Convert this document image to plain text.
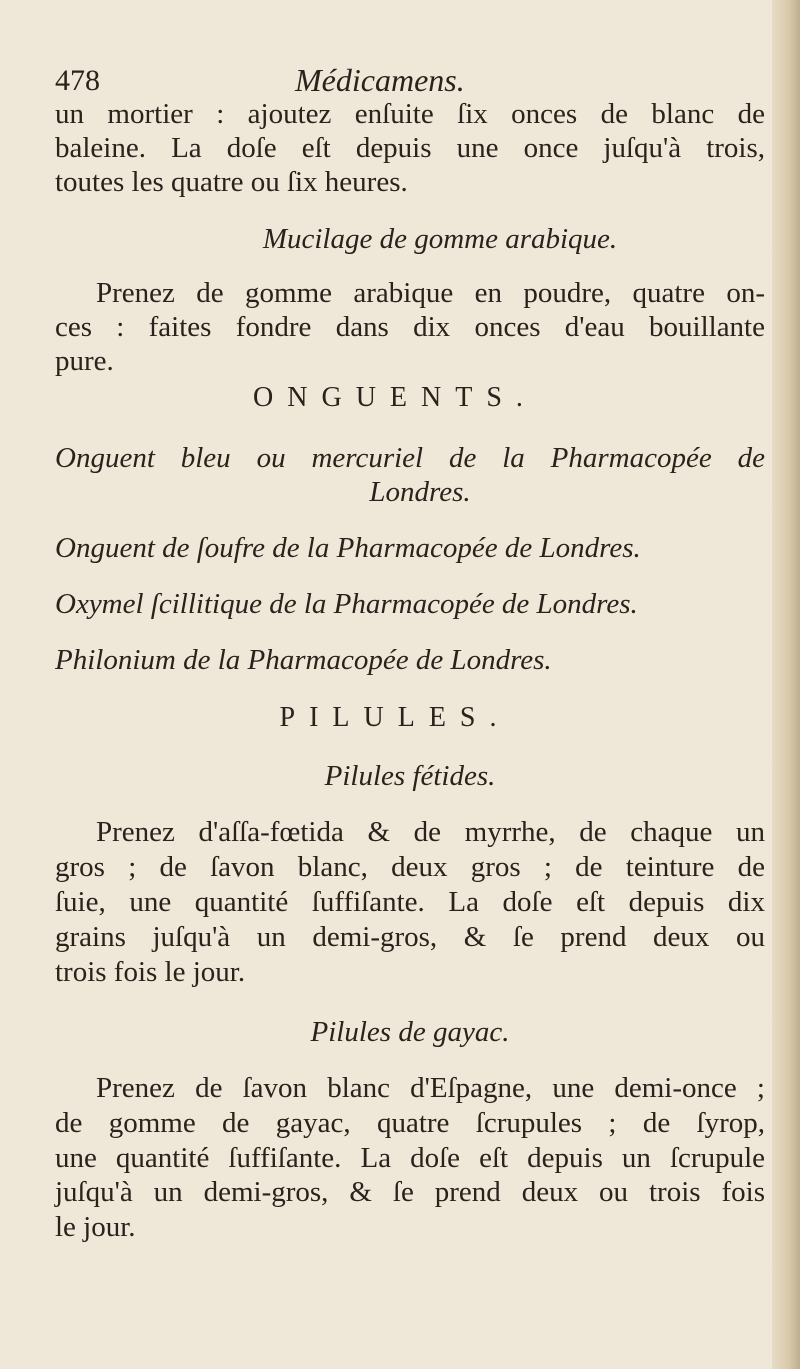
478	Médicamens.
un mortier : ajoutez enſuite ſix onces de blanc de
baleine. La doſe eſt depuis une once juſqu'à trois,
toutes les quatre ou ſix heures.
Mucilage de gomme arabique.
Prenez de gomme arabique en poudre, quatre on-
ces : faites fondre dans dix onces d'eau bouillante
pure.
ONGUENTS.
Onguent bleu ou mercuriel de la Pharmacopée de
Londres.
Onguent de ſoufre de la Pharmacopée de Londres.
Oxymel ſcillitique de la Pharmacopée de Londres.
Philonium de la Pharmacopée de Londres.
PILULES.
Pilules fétides.
Prenez d'aſſa-fœtida & de myrrhe, de chaque un
gros ; de ſavon blanc, deux gros ; de teinture de
ſuie, une quantité ſuffiſante. La doſe eſt depuis dix
grains juſqu'à un demi-gros, & ſe prend deux ou
trois fois le jour.
Pilules de gayac.
Prenez de ſavon blanc d'Eſpagne, une demi-once ;
de gomme de gayac, quatre ſcrupules ; de ſyrop,
une quantité ſuffiſante. La doſe eſt depuis un ſcrupule
juſqu'à un demi-gros, & ſe prend deux ou trois fois
le jour.
